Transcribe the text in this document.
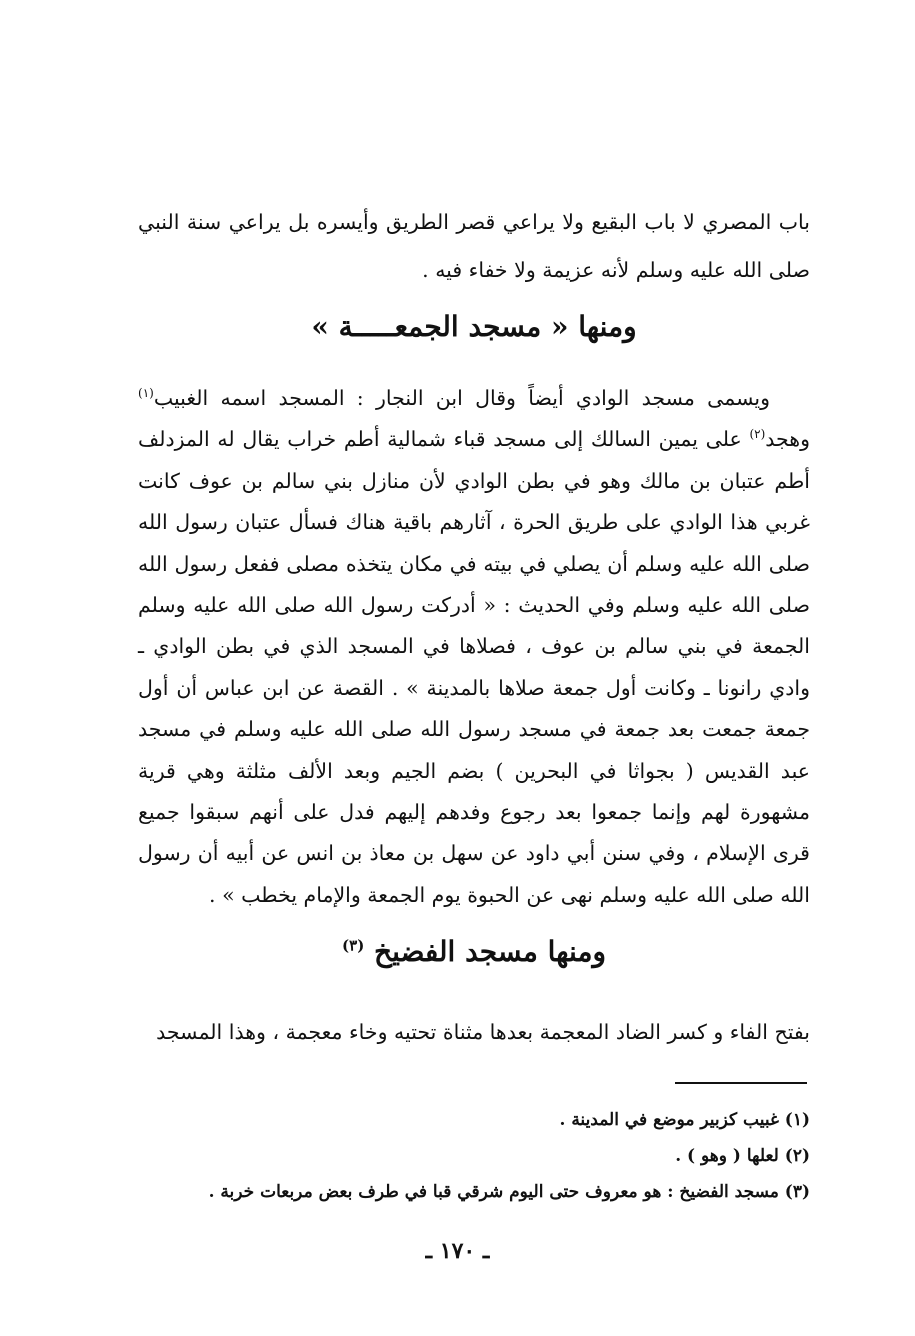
باب المصري لا باب البقيع ولا يراعي قصر الطريق وأيسره بل يراعي سنة النبي صلى الله عليه وسلم لأنه عزيمة ولا خفاء فيه .

ومنها « مسجد الجمعـــــة »

ويسمى مسجد الوادي أيضاً وقال ابن النجار : المسجد اسمه الغبيب$^{(١)}$ وهجد$^{(٢)}$ على يمين السالك إلى مسجد قباء شمالية أطم خراب يقال له المزدلف أطم عتبان بن مالك وهو في بطن الوادي لأن منازل بني سالم بن عوف كانت غربي هذا الوادي على طريق الحرة ، آثارهم باقية هناك فسأل عتبان رسول الله صلى الله عليه وسلم أن يصلي في بيته في مكان يتخذه مصلى ففعل رسول الله صلى الله عليه وسلم وفي الحديث : « أدركت رسول الله صلى الله عليه وسلم الجمعة في بني سالم بن عوف ، فصلاها في المسجد الذي في بطن الوادي ـ وادي رانونا ـ وكانت أول جمعة صلاها بالمدينة » . القصة عن ابن عباس أن أول جمعة جمعت بعد جمعة في مسجد رسول الله صلى الله عليه وسلم في مسجد عبد القديس ( بجواثا في البحرين ) بضم الجيم وبعد الألف مثلثة وهي قرية مشهورة لهم وإنما جمعوا بعد رجوع وفدهم إليهم فدل على أنهم سبقوا جميع قرى الإسلام ، وفي سنن أبي داود عن سهل بن معاذ بن انس عن أبيه أن رسول الله صلى الله عليه وسلم نهى عن الحبوة يوم الجمعة والإمام يخطب » .

ومنها مسجد الفضيخ $^{(٣)}$

بفتح الفاء و كسر الضاد المعجمة بعدها مثناة تحتيه وخاء معجمة ، وهذا المسجد

(١) غبيب كزبير موضع في المدينة .
(٢) لعلها ( وهو ) .
(٣) مسجد الفضيخ : هو معروف حتى اليوم شرقي قبا في طرف بعض مربعات خربة .
ـ ١٧٠ ـ
